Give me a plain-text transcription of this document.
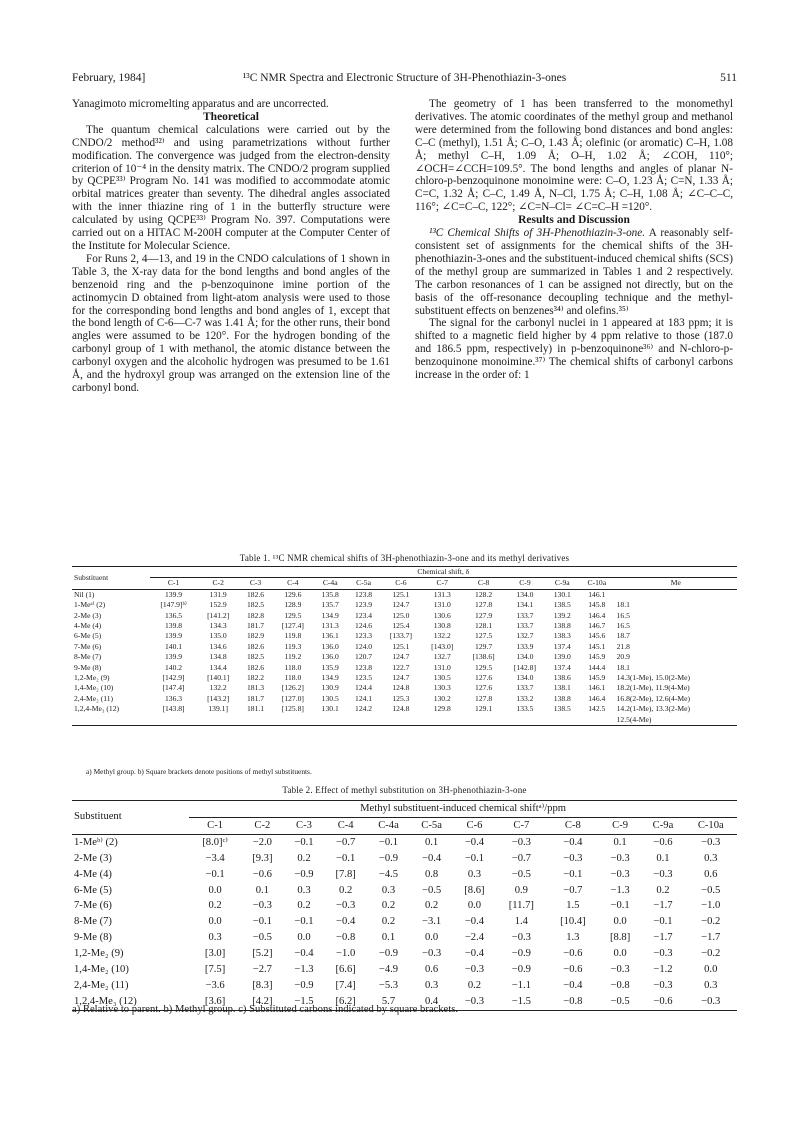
February, 1984]	¹³C NMR Spectra and Electronic Structure of 3H-Phenothiazin-3-ones	511

Yanagimoto micromelting apparatus and are uncorrected.

Theoretical

The quantum chemical calculations were carried out by the CNDO/2 method³²⁾ and using parametrizations without further modification. The convergence was judged from the electron-density criterion of 10⁻⁴ in the density matrix. The CNDO/2 program supplied by QCPE³³⁾ Program No. 141 was modified to accommodate atomic orbital matrices greater than seventy. The dihedral angles associated with the inner thiazine ring of 1 in the butterfly structure were calculated by using QCPE³³⁾ Program No. 397. Computations were carried out on a HITAC M-200H computer at the Computer Center of the Institute for Molecular Science.

For Runs 2, 4—13, and 19 in the CNDO calculations of 1 shown in Table 3, the X-ray data for the bond lengths and bond angles of the benzenoid ring and the p-benzoquinone imine portion of the actinomycin D obtained from light-atom analysis were used to those for the corresponding bond lengths and bond angles of 1, except that the bond length of C-6—C-7 was 1.41 Å; for the other runs, their bond angles were assumed to be 120°. For the hydrogen bonding of the carbonyl group of 1 with methanol, the atomic distance between the carbonyl oxygen and the alcoholic hydrogen was presumed to be 1.61 Å, and the hydroxyl group was arranged on the extension line of the carbonyl bond.

The geometry of 1 has been transferred to the monomethyl derivatives. The atomic coordinates of the methyl group and methanol were determined from the following bond distances and bond angles: C–C (methyl), 1.51 Å; C–O, 1.43 Å; olefinic (or aromatic) C–H, 1.08 Å; methyl C–H, 1.09 Å; O–H, 1.02 Å; ∠COH, 110°; ∠OCH=∠CCH=109.5°. The bond lengths and angles of planar N-chloro-p-benzoquinone monoimine were: C–O, 1.23 Å; C=N, 1.33 Å; C=C, 1.32 Å; C–C, 1.49 Å, N–Cl, 1.75 Å; C–H, 1.08 Å; ∠C–C–C, 116°; ∠C=C–C, 122°; ∠C=N–Cl= ∠C=C–H =120°.

Results and Discussion

¹³C Chemical Shifts of 3H-Phenothiazin-3-one. A reasonably self-consistent set of assignments for the chemical shifts of the 3H-phenothiazin-3-ones and the substituent-induced chemical shifts (SCS) of the methyl group are summarized in Tables 1 and 2 respectively. The carbon resonances of 1 can be assigned not directly, but on the basis of the off-resonance decoupling technique and the methyl-substituent effects on benzenes³⁴⁾ and olefins.³⁵⁾

The signal for the carbonyl nuclei in 1 appeared at 183 ppm; it is shifted to a magnetic field higher by 4 ppm relative to those (187.0 and 186.5 ppm, respectively) in p-benzoquinone³⁶⁾ and N-chloro-p-benzoquinone monoimine.³⁷⁾ The chemical shifts of carbonyl carbons increase in the order of: 1

Table 1. ¹³C NMR chemical shifts of 3H-phenothiazin-3-one and its methyl derivatives
Substituent	Chemical shift, δ												
	C-1	C-2	C-3	C-4	C-4a	C-5a	C-6	C-7	C-8	C-9	C-9a	C-10a	Me
Nil (1)	139.9	131.9	182.6	129.6	135.8	123.8	125.1	131.3	128.2	134.0	130.1	146.1	
1-Meᵃ⁾ (2)	[147.9]ᵇ⁾	152.9	182.5	128.9	135.7	123.9	124.7	131.0	127.8	134.1	138.5	145.8	18.1
2-Me (3)	136.5	[141.2]	182.8	129.5	134.9	123.4	125.0	130.6	127.9	133.7	139.2	146.4	16.5
4-Me (4)	139.8	134.3	181.7	[127.4]	131.3	124.6	125.4	130.8	128.1	133.7	138.8	146.7	16.5
6-Me (5)	139.9	135.0	182.9	119.8	136.1	123.3	[133.7]	132.2	127.5	132.7	138.3	145.6	18.7
7-Me (6)	140.1	134.6	182.6	119.3	136.0	124.0	125.1	[143.0]	129.7	133.9	137.4	145.1	21.8
8-Me (7)	139.9	134.8	182.5	119.2	136.0	120.7	124.7	132.7	[138.6]	134.0	139.0	145.9	20.9
9-Me (8)	140.2	134.4	182.6	118.0	135.9	123.8	122.7	131.0	129.5	[142.8]	137.4	144.4	18.1
1,2-Me₂ (9)	[142.9]	[140.1]	182.2	118.0	134.9	123.5	124.7	130.5	127.6	134.0	138.6	145.9	14.3(1-Me), 15.0(2-Me)
1,4-Me₂ (10)	[147.4]	132.2	181.3	[126.2]	130.9	124.4	124.8	130.3	127.6	133.7	138.1	146.1	18.2(1-Me), 11.9(4-Me)
2,4-Me₂ (11)	136.3	[143.2]	181.7	[127.0]	130.5	124.1	125.3	130.2	127.8	133.2	138.8	146.4	16.8(2-Me), 12.6(4-Me)
1,2,4-Me₃ (12)	[143.8]	139.1]	181.1	[125.8]	130.1	124.2	124.8	129.8	129.1	133.5	138.5	142.5	14.2(1-Me), 13.3(2-Me)
													12.5(4-Me)

a) Methyl group. b) Square brackets denote positions of methyl substituents.
Table 2. Effect of methyl substitution on 3H-phenothiazin-3-one
Substituent	Methyl substituent-induced chemical shiftᵃ⁾/ppm											
	C-1	C-2	C-3	C-4	C-4a	C-5a	C-6	C-7	C-8	C-9	C-9a	C-10a
1-Meᵇ⁾ (2)	[8.0]ᶜ⁾	−2.0	−0.1	−0.7	−0.1	0.1	−0.4	−0.3	−0.4	0.1	−0.6	−0.3
2-Me (3)	−3.4	[9.3]	0.2	−0.1	−0.9	−0.4	−0.1	−0.7	−0.3	−0.3	0.1	0.3
4-Me (4)	−0.1	−0.6	−0.9	[7.8]	−4.5	0.8	0.3	−0.5	−0.1	−0.3	−0.3	0.6
6-Me (5)	0.0	0.1	0.3	0.2	0.3	−0.5	[8.6]	0.9	−0.7	−1.3	0.2	−0.5
7-Me (6)	0.2	−0.3	0.2	−0.3	0.2	0.2	0.0	[11.7]	1.5	−0.1	−1.7	−1.0
8-Me (7)	0.0	−0.1	−0.1	−0.4	0.2	−3.1	−0.4	1.4	[10.4]	0.0	−0.1	−0.2
9-Me (8)	0.3	−0.5	0.0	−0.8	0.1	0.0	−2.4	−0.3	1.3	[8.8]	−1.7	−1.7
1,2-Me₂ (9)	[3.0]	[5.2]	−0.4	−1.0	−0.9	−0.3	−0.4	−0.9	−0.6	0.0	−0.3	−0.2
1,4-Me₂ (10)	[7.5]	−2.7	−1.3	[6.6]	−4.9	0.6	−0.3	−0.9	−0.6	−0.3	−1.2	0.0
2,4-Me₂ (11)	−3.6	[8.3]	−0.9	[7.4]	−5.3	0.3	0.2	−1.1	−0.4	−0.8	−0.3	0.3
1,2,4-Me₃ (12)	[3.6]	[4.2]	−1.5	[6.2]	5.7	0.4	−0.3	−1.5	−0.8	−0.5	−0.6	−0.3

a) Relative to parent. b) Methyl group. c) Substituted carbons indicated by square brackets.
